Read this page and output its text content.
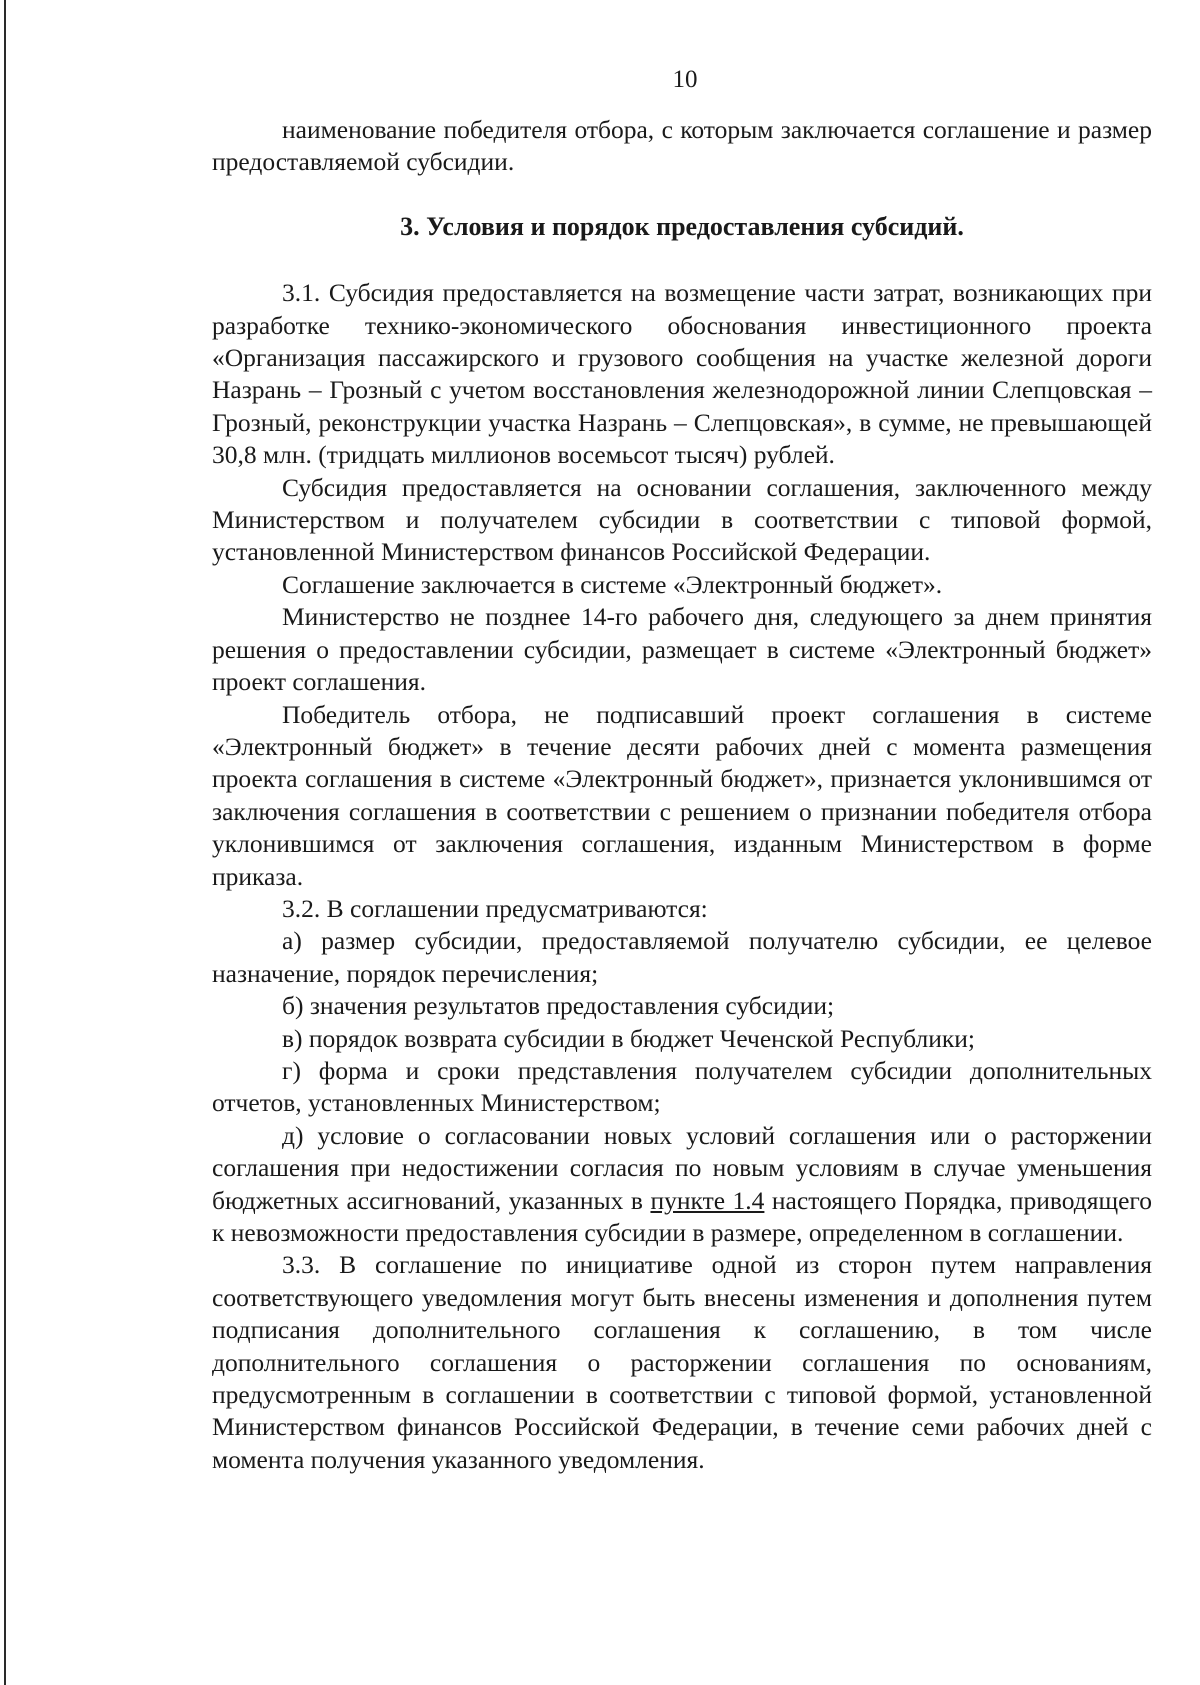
10

наименование победителя отбора, с которым заключается соглашение и размер предоставляемой субсидии.

3. Условия и порядок предоставления субсидий.

3.1. Субсидия предоставляется на возмещение части затрат, возникающих при разработке технико-экономического обоснования инвестиционного проекта «Организация пассажирского и грузового сообщения на участке железной дороги Назрань – Грозный с учетом восстановления железнодорожной линии Слепцовская – Грозный, реконструкции участка Назрань – Слепцовская», в сумме, не превышающей 30,8 млн. (тридцать миллионов восемьсот тысяч) рублей.

Субсидия предоставляется на основании соглашения, заключенного между Министерством и получателем субсидии в соответствии с типовой формой, установленной Министерством финансов Российской Федерации.

Соглашение заключается в системе «Электронный бюджет».

Министерство не позднее 14-го рабочего дня, следующего за днем принятия решения о предоставлении субсидии, размещает в системе «Электронный бюджет» проект соглашения.

Победитель отбора, не подписавший проект соглашения в системе «Электронный бюджет» в течение десяти рабочих дней с момента размещения проекта соглашения в системе «Электронный бюджет», признается уклонившимся от заключения соглашения в соответствии с решением о признании победителя отбора уклонившимся от заключения соглашения, изданным Министерством в форме приказа.

3.2. В соглашении предусматриваются:

а) размер субсидии, предоставляемой получателю субсидии, ее целевое назначение, порядок перечисления;

б) значения результатов предоставления субсидии;

в) порядок возврата субсидии в бюджет Чеченской Республики;

г) форма и сроки представления получателем субсидии дополнительных отчетов, установленных Министерством;

д) условие о согласовании новых условий соглашения или о расторжении соглашения при недостижении согласия по новым условиям в случае уменьшения бюджетных ассигнований, указанных в пункте 1.4 настоящего Порядка, приводящего к невозможности предоставления субсидии в размере, определенном в соглашении.

3.3. В соглашение по инициативе одной из сторон путем направления соответствующего уведомления могут быть внесены изменения и дополнения путем подписания дополнительного соглашения к соглашению, в том числе дополнительного соглашения о расторжении соглашения по основаниям, предусмотренным в соглашении в соответствии с типовой формой, установленной Министерством финансов Российской Федерации, в течение семи рабочих дней с момента получения указанного уведомления.
